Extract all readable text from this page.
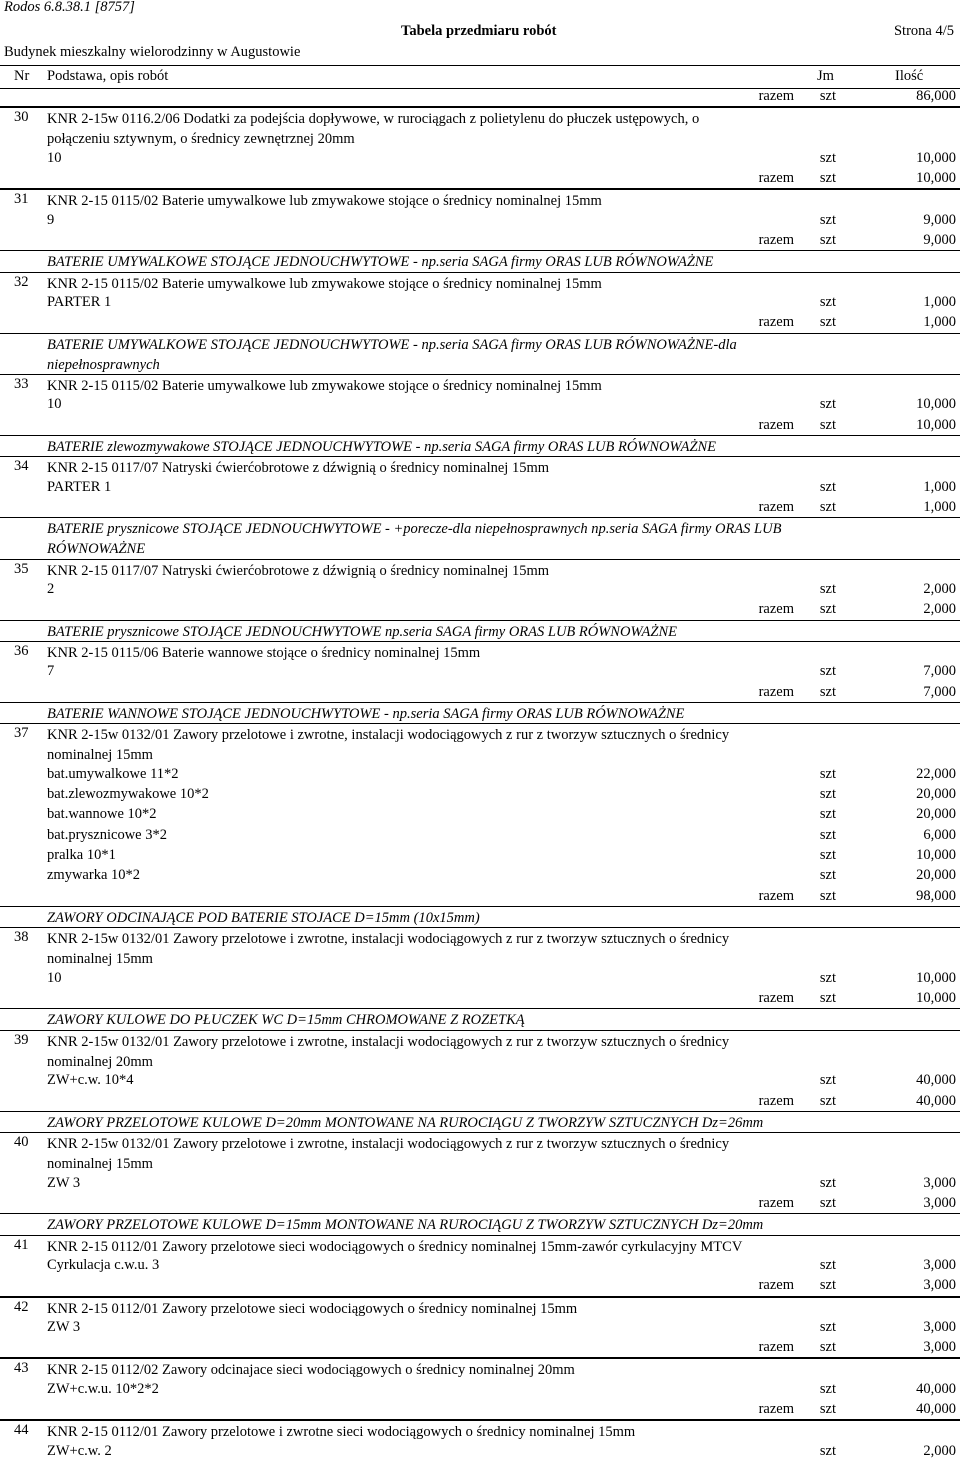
Rodos 6.8.38.1 [8757]
Tabela przedmiaru robót	Strona 4/5
Budynek mieszkalny wielorodzinny w Augustowie
Nr Podstawa, opis robót	Jm	Ilość
razem szt	86,000
30 KNR 2-15w 0116.2/06 Dodatki za podejścia dopływowe, w rurociągach z polietylenu do płuczek ustępowych, o połączeniu sztywnym, o średnicy zewnętrznej 20mm
10	szt	10,000
razem szt	10,000
31 KNR 2-15 0115/02 Baterie umywalkowe lub zmywakowe stojące o średnicy nominalnej 15mm
9	szt	9,000
razem szt	9,000
BATERIE UMYWALKOWE STOJĄCE JEDNOUCHWYTOWE - np.seria SAGA firmy ORAS LUB RÓWNOWAŻNE
32 KNR 2-15 0115/02 Baterie umywalkowe lub zmywakowe stojące o średnicy nominalnej 15mm
PARTER 1	szt	1,000
razem szt	1,000
BATERIE UMYWALKOWE STOJĄCE JEDNOUCHWYTOWE - np.seria SAGA firmy ORAS LUB RÓWNOWAŻNE-dla niepełnosprawnych
33 KNR 2-15 0115/02 Baterie umywalkowe lub zmywakowe stojące o średnicy nominalnej 15mm
10	szt	10,000
razem szt	10,000
BATERIE zlewozmywakowe STOJĄCE JEDNOUCHWYTOWE - np.seria SAGA firmy ORAS LUB RÓWNOWAŻNE
34 KNR 2-15 0117/07 Natryski ćwierćobrotowe z dźwignią o średnicy nominalnej 15mm
PARTER 1	szt	1,000
razem szt	1,000
BATERIE prysznicowe STOJĄCE JEDNOUCHWYTOWE - +porecze-dla niepełnosprawnych np.seria SAGA firmy ORAS LUB RÓWNOWAŻNE
35 KNR 2-15 0117/07 Natryski ćwierćobrotowe z dźwignią o średnicy nominalnej 15mm
2	szt	2,000
razem szt	2,000
BATERIE prysznicowe STOJĄCE JEDNOUCHWYTOWE np.seria SAGA firmy ORAS LUB RÓWNOWAŻNE
36 KNR 2-15 0115/06 Baterie wannowe stojące o średnicy nominalnej 15mm
7	szt	7,000
razem szt	7,000
BATERIE WANNOWE STOJĄCE JEDNOUCHWYTOWE - np.seria SAGA firmy ORAS LUB RÓWNOWAŻNE
37 KNR 2-15w 0132/01 Zawory przelotowe i zwrotne, instalacji wodociągowych z rur z tworzyw sztucznych o średnicy nominalnej 15mm
bat.umywalkowe 11*2	szt	22,000
bat.zlewozmywakowe 10*2	szt	20,000
bat.wannowe 10*2	szt	20,000
bat.prysznicowe 3*2	szt	6,000
pralka 10*1	szt	10,000
zmywarka 10*2	szt	20,000
razem szt	98,000
ZAWORY ODCINAJĄCE POD BATERIE STOJACE D=15mm (10x15mm)
38 KNR 2-15w 0132/01 Zawory przelotowe i zwrotne, instalacji wodociągowych z rur z tworzyw sztucznych o średnicy nominalnej 15mm
10	szt	10,000
razem szt	10,000
ZAWORY KULOWE DO PŁUCZEK WC D=15mm CHROMOWANE Z ROZETKĄ
39 KNR 2-15w 0132/01 Zawory przelotowe i zwrotne, instalacji wodociągowych z rur z tworzyw sztucznych o średnicy nominalnej 20mm
ZW+c.w. 10*4	szt	40,000
razem szt	40,000
ZAWORY PRZELOTOWE KULOWE D=20mm MONTOWANE NA RUROCIĄGU Z TWORZYW SZTUCZNYCH Dz=26mm
40 KNR 2-15w 0132/01 Zawory przelotowe i zwrotne, instalacji wodociągowych z rur z tworzyw sztucznych o średnicy nominalnej 15mm
ZW 3	szt	3,000
razem szt	3,000
ZAWORY PRZELOTOWE KULOWE D=15mm MONTOWANE NA RUROCIĄGU Z TWORZYW SZTUCZNYCH Dz=20mm
41 KNR 2-15 0112/01 Zawory przelotowe sieci wodociągowych o średnicy nominalnej 15mm-zawór cyrkulacyjny MTCV
Cyrkulacja c.w.u. 3	szt	3,000
razem szt	3,000
42 KNR 2-15 0112/01 Zawory przelotowe sieci wodociągowych o średnicy nominalnej 15mm
ZW 3	szt	3,000
razem szt	3,000
43 KNR 2-15 0112/02 Zawory odcinajace sieci wodociągowych o średnicy nominalnej 20mm
ZW+c.w.u. 10*2*2	szt	40,000
razem szt	40,000
44 KNR 2-15 0112/01 Zawory przelotowe i zwrotne sieci wodociągowych o średnicy nominalnej 15mm
ZW+c.w. 2	szt	2,000
